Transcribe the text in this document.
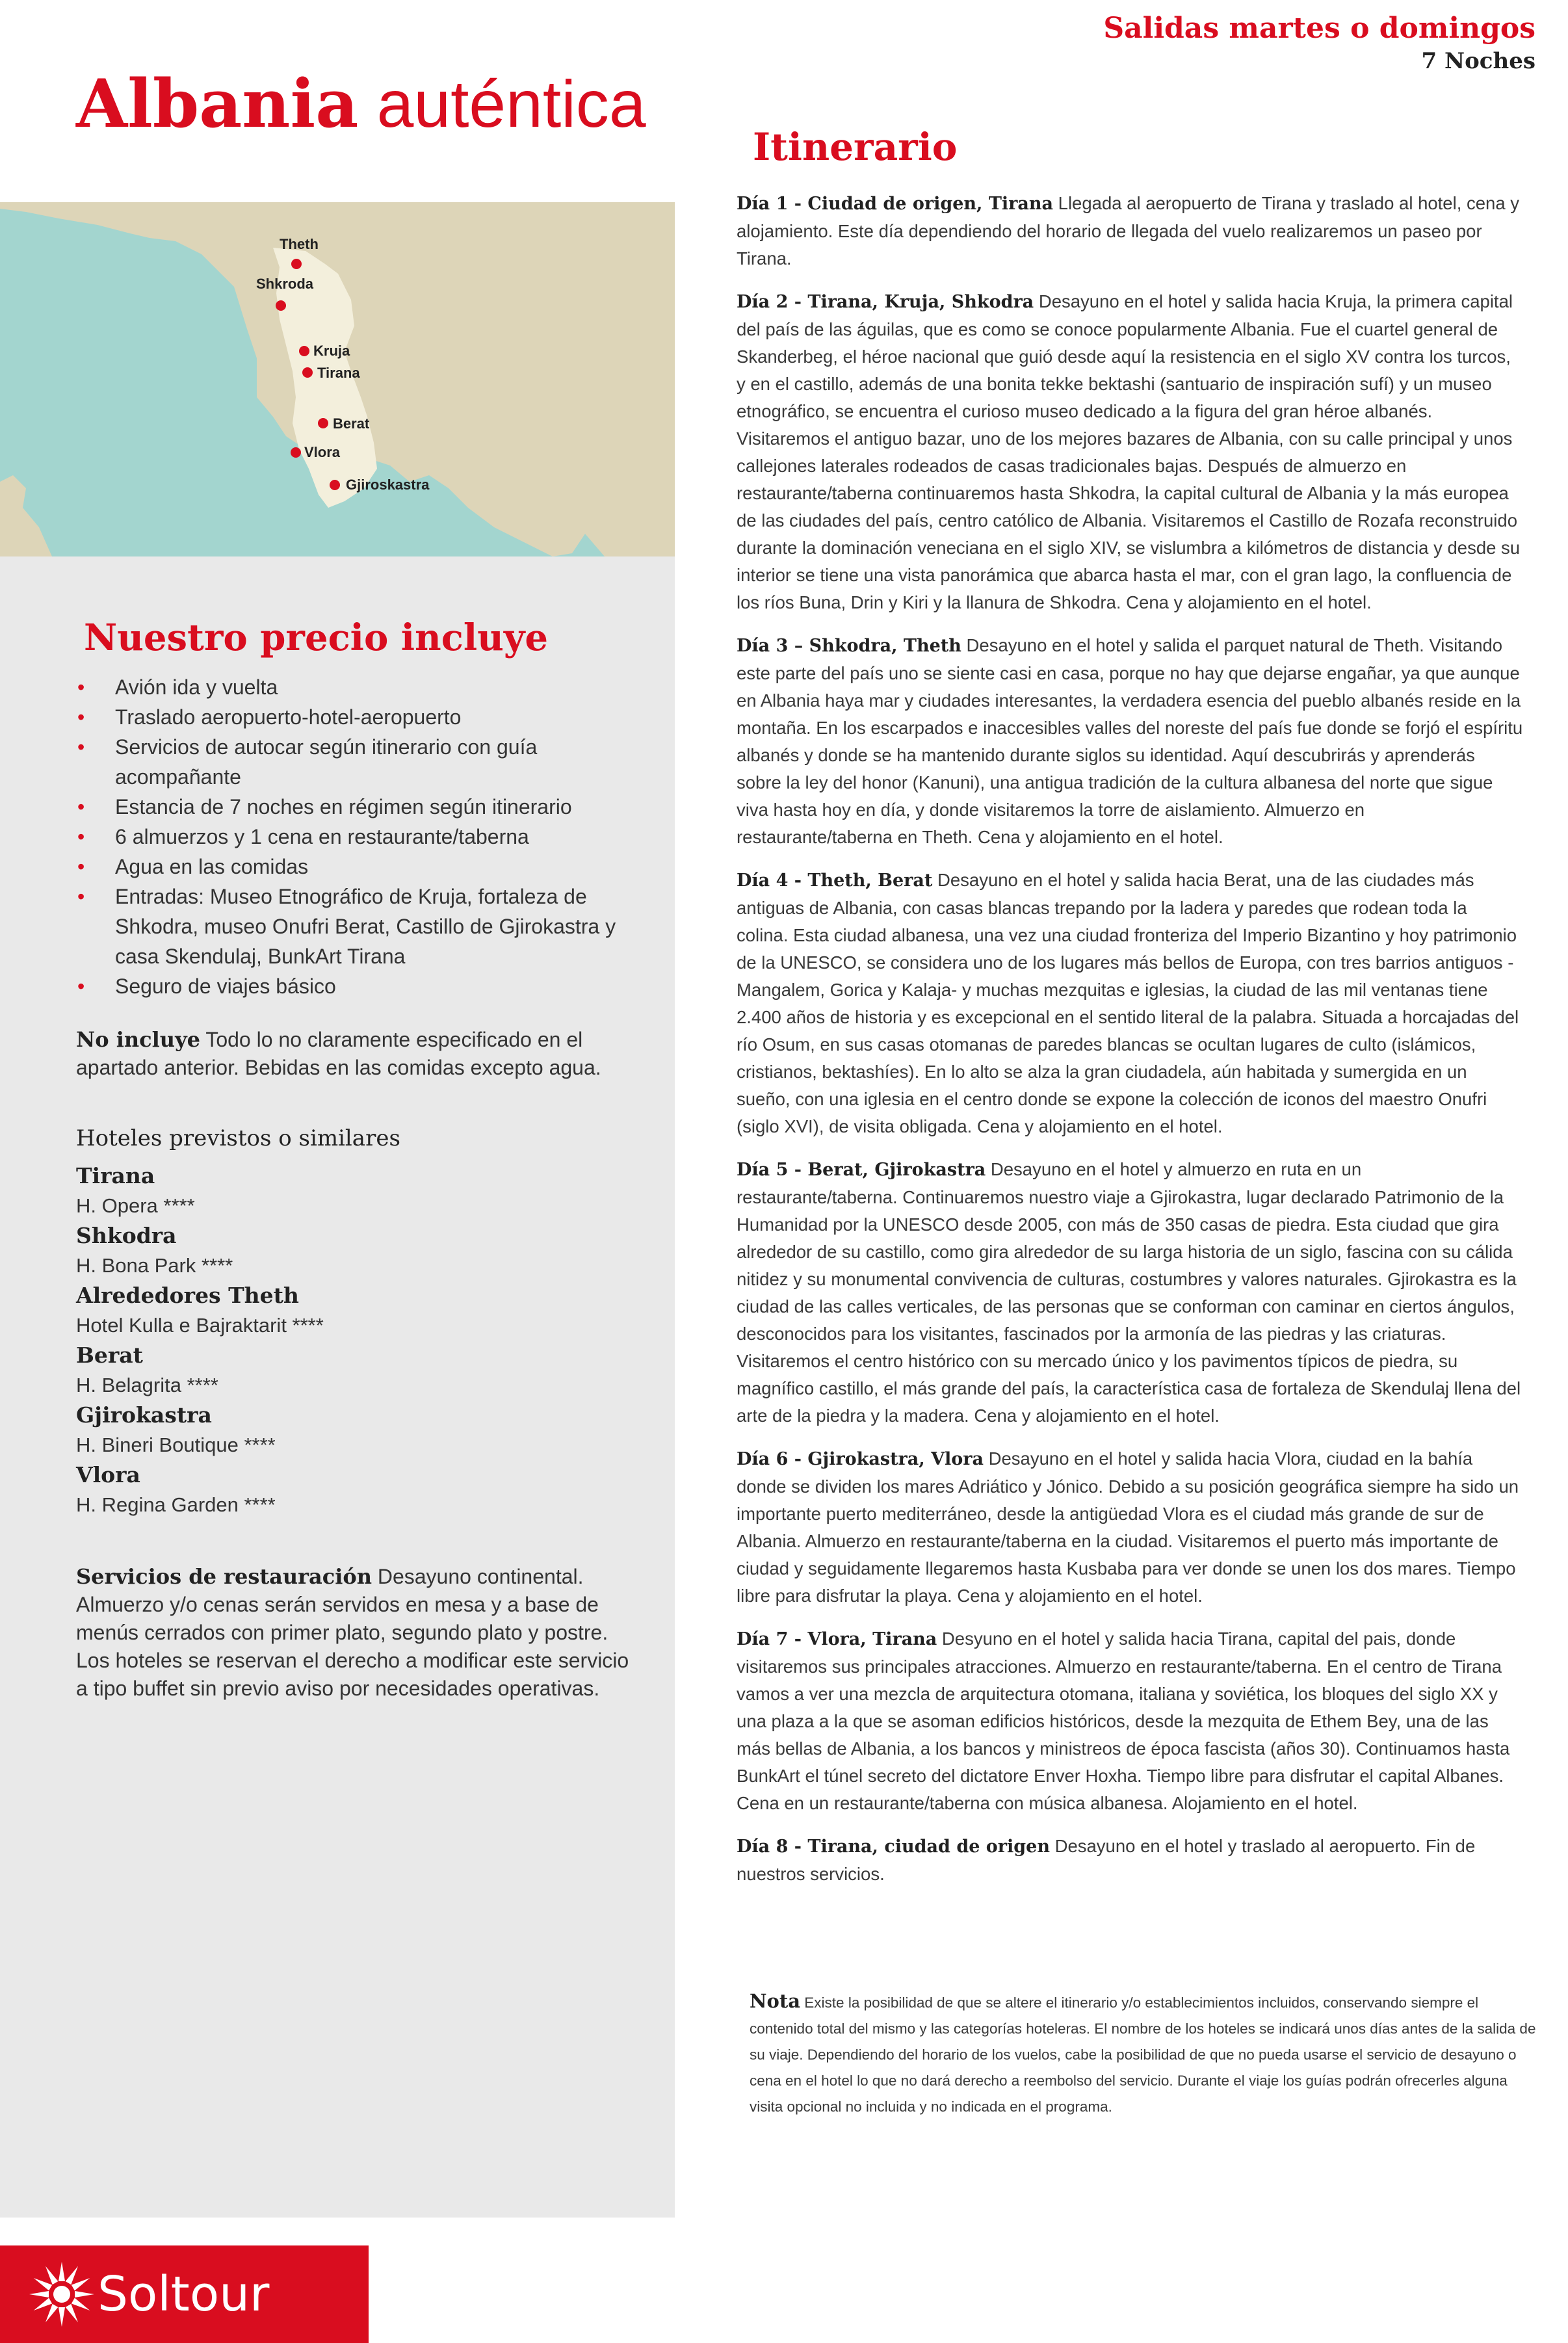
Salidas martes o domingos
7 Noches
Albania auténtica
Theth
Shkroda
Kruja
Tirana
Berat
Vlora
Gjiroskastra
Nuestro precio incluye
• Avión ida y vuelta
• Traslado aeropuerto-hotel-aeropuerto
• Servicios de autocar según itinerario con guía acompañante
• Estancia de 7 noches en régimen según itinerario
• 6 almuerzos y 1 cena en restaurante/taberna
• Agua en las comidas
• Entradas: Museo Etnográfico de Kruja, fortaleza de Shkodra, museo Onufri Berat, Castillo de Gjirokastra y casa Skendulaj, BunkArt Tirana
• Seguro de viajes básico
No incluye Todo lo no claramente especificado en el apartado anterior. Bebidas en las comidas excepto agua.
Hoteles previstos o similares
Tirana
H. Opera ****
Shkodra
H. Bona Park ****
Alrededores Theth
Hotel Kulla e Bajraktarit ****
Berat
H. Belagrita ****
Gjirokastra
H. Bineri Boutique ****
Vlora
H. Regina Garden ****
Servicios de restauración Desayuno continental. Almuerzo y/o cenas serán servidos en mesa y a base de menús cerrados con primer plato, segundo plato y postre. Los hoteles se reservan el derecho a modificar este servicio a tipo buffet sin previo aviso por necesidades operativas.
Soltour
Itinerario
Día 1 - Ciudad de origen, Tirana Llegada al aeropuerto de Tirana y traslado al hotel, cena y alojamiento. Este día dependiendo del horario de llegada del vuelo realizaremos un paseo por Tirana.
Día 2 - Tirana, Kruja, Shkodra Desayuno en el hotel y salida hacia Kruja, la primera capital del país de las águilas, que es como se conoce popularmente Albania. Fue el cuartel general de Skanderbeg, el héroe nacional que guió desde aquí la resistencia en el siglo XV contra los turcos, y en el castillo, además de una bonita tekke bektashi (santuario de inspiración sufí) y un museo etnográfico, se encuentra el curioso museo dedicado a la figura del gran héroe albanés. Visitaremos el antiguo bazar, uno de los mejores bazares de Albania, con su calle principal y unos callejones laterales rodeados de casas tradicionales bajas. Después de almuerzo en restaurante/taberna continuaremos hasta Shkodra, la capital cultural de Albania y la más europea de las ciudades del país, centro católico de Albania. Visitaremos el Castillo de Rozafa reconstruido durante la dominación veneciana en el siglo XIV, se vislumbra a kilómetros de distancia y desde su interior se tiene una vista panorámica que abarca hasta el mar, con el gran lago, la confluencia de los ríos Buna, Drin y Kiri y la llanura de Shkodra. Cena y alojamiento en el hotel.
Día 3 – Shkodra, Theth Desayuno en el hotel y salida el parquet natural de Theth. Visitando este parte del país uno se siente casi en casa, porque no hay que dejarse engañar, ya que aunque en Albania haya mar y ciudades interesantes, la verdadera esencia del pueblo albanés reside en la montaña. En los escarpados e inaccesibles valles del noreste del país fue donde se forjó el espíritu albanés y donde se ha mantenido durante siglos su identidad. Aquí descubrirás y aprenderás sobre la ley del honor (Kanuni), una antigua tradición de la cultura albanesa del norte que sigue viva hasta hoy en día, y donde visitaremos la torre de aislamiento. Almuerzo en restaurante/taberna en Theth. Cena y alojamiento en el hotel.
Día 4 - Theth, Berat Desayuno en el hotel y salida hacia Berat, una de las ciudades más antiguas de Albania, con casas blancas trepando por la ladera y paredes que rodean toda la colina. Esta ciudad albanesa, una vez una ciudad fronteriza del Imperio Bizantino y hoy patrimonio de la UNESCO, se considera uno de los lugares más bellos de Europa, con tres barrios antiguos -Mangalem, Gorica y Kalaja- y muchas mezquitas e iglesias, la ciudad de las mil ventanas tiene 2.400 años de historia y es excepcional en el sentido literal de la palabra. Situada a horcajadas del río Osum, en sus casas otomanas de paredes blancas se ocultan lugares de culto (islámicos, cristianos, bektashíes). En lo alto se alza la gran ciudadela, aún habitada y sumergida en un sueño, con una iglesia en el centro donde se expone la colección de iconos del maestro Onufri (siglo XVI), de visita obligada. Cena y alojamiento en el hotel.
Día 5 - Berat, Gjirokastra Desayuno en el hotel y almuerzo en ruta en un restaurante/taberna. Continuaremos nuestro viaje a Gjirokastra, lugar declarado Patrimonio de la Humanidad por la UNESCO desde 2005, con más de 350 casas de piedra. Esta ciudad que gira alrededor de su castillo, como gira alrededor de su larga historia de un siglo, fascina con su cálida nitidez y su monumental convivencia de culturas, costumbres y valores naturales. Gjirokastra es la ciudad de las calles verticales, de las personas que se conforman con caminar en ciertos ángulos, desconocidos para los visitantes, fascinados por la armonía de las piedras y las criaturas. Visitaremos el centro histórico con su mercado único y los pavimentos típicos de piedra, su magnífico castillo, el más grande del país, la característica casa de fortaleza de Skendulaj llena del arte de la piedra y la madera. Cena y alojamiento en el hotel.
Día 6 - Gjirokastra, Vlora Desayuno en el hotel y salida hacia Vlora, ciudad en la bahía donde se dividen los mares Adriático y Jónico. Debido a su posición geográfica siempre ha sido un importante puerto mediterráneo, desde la antigüedad Vlora es el ciudad más grande de sur de Albania. Almuerzo en restaurante/taberna en la ciudad. Visitaremos el puerto más importante de ciudad y seguidamente llegaremos hasta Kusbaba para ver donde se unen los dos mares. Tiempo libre para disfrutar la playa. Cena y alojamiento en el hotel.
Día 7 - Vlora, Tirana Desyuno en el hotel y salida hacia Tirana, capital del pais, donde visitaremos sus principales atracciones. Almuerzo en restaurante/taberna. En el centro de Tirana vamos a ver una mezcla de arquitectura otomana, italiana y soviética, los bloques del siglo XX y una plaza a la que se asoman edificios históricos, desde la mezquita de Ethem Bey, una de las más bellas de Albania, a los bancos y ministreos de época fascista (años 30). Continuamos hasta BunkArt el túnel secreto del dictatore Enver Hoxha. Tiempo libre para disfrutar el capital Albanes. Cena en un restaurante/taberna con música albanesa. Alojamiento en el hotel.
Día 8 - Tirana, ciudad de origen Desayuno en el hotel y traslado al aeropuerto. Fin de nuestros servicios.
Nota Existe la posibilidad de que se altere el itinerario y/o establecimientos incluidos, conservando siempre el contenido total del mismo y las categorías hoteleras. El nombre de los hoteles se indicará unos días antes de la salida de su viaje. Dependiendo del horario de los vuelos, cabe la posibilidad de que no pueda usarse el servicio de desayuno o cena en el hotel lo que no dará derecho a reembolso del servicio. Durante el viaje los guías podrán ofrecerles alguna visita opcional no incluida y no indicada en el programa.
